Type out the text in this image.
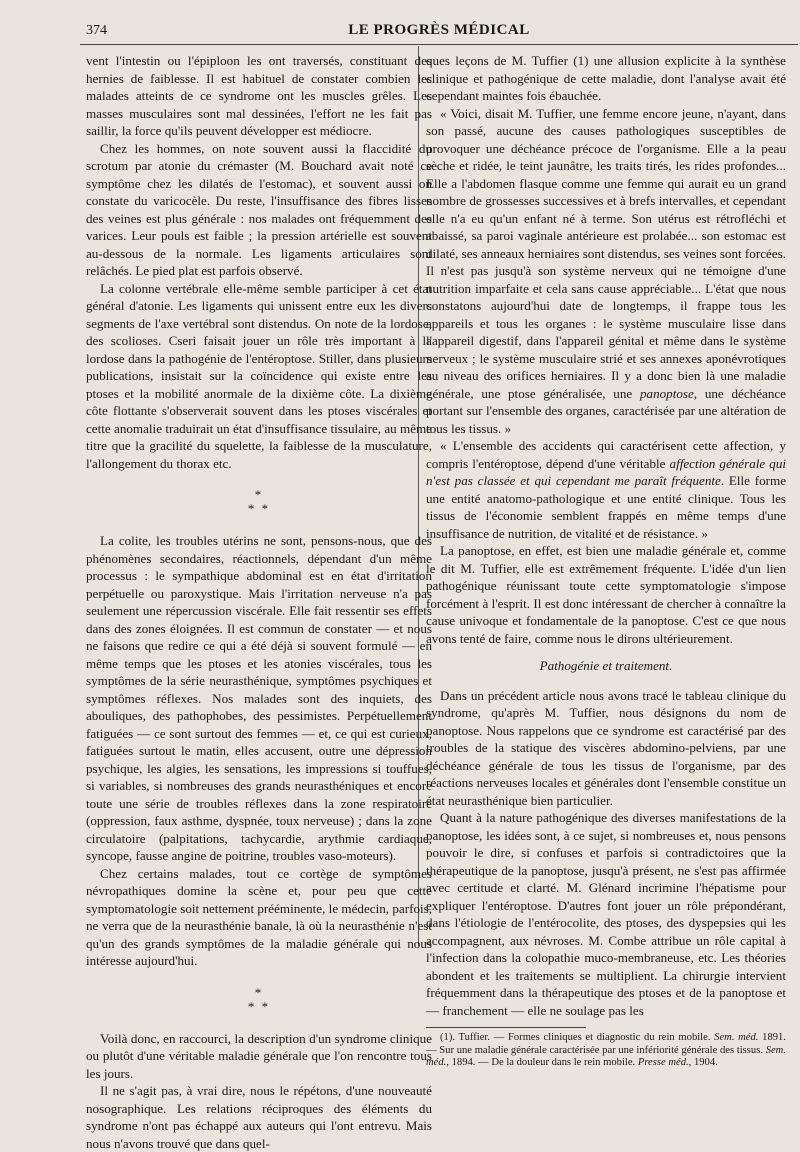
374	LE PROGRÈS MÉDICAL

vent l'intestin ou l'épiploon les ont traversés, constituant des hernies de faiblesse. Il est habituel de constater combien les malades atteints de ce syndrome ont les muscles grêles. Les masses musculaires sont mal dessinées, l'effort ne les fait pas saillir, la force qu'ils peuvent développer est médiocre.

Chez les hommes, on note souvent aussi la flaccidité du scrotum par atonie du crémaster (M. Bouchard avait noté ce symptôme chez les dilatés de l'estomac), et souvent aussi on constate du varicocèle. Du reste, l'insuffisance des fibres lisses des veines est plus générale : nos malades ont fréquemment des varices. Leur pouls est faible ; la pression artérielle est souvent au-dessous de la normale. Les ligaments articulaires sont relâchés. Le pied plat est parfois observé.

La colonne vertébrale elle-même semble participer à cet état général d'atonie. Les ligaments qui unissent entre eux les divers segments de l'axe vertébral sont distendus. On note de la lordose, des scolioses. Cseri faisait jouer un rôle très important à la lordose dans la pathogénie de l'entéroptose. Stiller, dans plusieurs publications, insistait sur la coïncidence qui existe entre les ptoses et la mobilité anormale de la dixième côte. La dixième côte flottante s'observerait souvent dans les ptoses viscérales et cette anomalie traduirait un état d'insuffisance tissulaire, au même titre que la gracilité du squelette, la faiblesse de la musculature, l'allongement du thorax etc.

*
* *

La colite, les troubles utérins ne sont, pensons-nous, que des phénomènes secondaires, réactionnels, dépendant d'un même processus : le sympathique abdominal est en état d'irritation perpétuelle ou paroxystique. Mais l'irritation nerveuse n'a pas seulement une répercussion viscérale. Elle fait ressentir ses effets dans des zones éloignées. Il est commun de constater — et nous ne faisons que redire ce qui a été déjà si souvent formulé — en même temps que les ptoses et les atonies viscérales, tous les symptômes de la série neurasthénique, symptômes psychiques et symptômes réflexes. Nos malades sont des inquiets, des abouliques, des pathophobes, des pessimistes. Perpétuellement fatiguées — ce sont surtout des femmes — et, ce qui est curieux, fatiguées surtout le matin, elles accusent, outre une dépression psychique, les algies, les sensations, les impressions si touffues, si variables, si nombreuses des grands neurasthéniques et encore toute une série de troubles réflexes dans la zone respiratoire (oppression, faux asthme, dyspnée, toux nerveuse) ; dans la zone circulatoire (palpitations, tachycardie, arythmie cardiaque, syncope, fausse angine de poitrine, troubles vaso-moteurs).

Chez certains malades, tout ce cortège de symptômes névropathiques domine la scène et, pour peu que cette symptomatologie soit nettement prééminente, le médecin, parfois, ne verra que de la neurasthénie banale, là où la neurasthénie n'est qu'un des grands symptômes de la maladie générale qui nous intéresse aujourd'hui.

*
* *

Voilà donc, en raccourci, la description d'un syndrome clinique ou plutôt d'une véritable maladie générale que l'on rencontre tous les jours.

Il ne s'agit pas, à vrai dire, nous le répétons, d'une nouveauté nosographique. Les relations réciproques des éléments du syndrome n'ont pas échappé aux auteurs qui l'ont entrevu. Mais nous n'avons trouvé que dans quel-

ques leçons de M. Tuffier (1) une allusion explicite à la synthèse clinique et pathogénique de cette maladie, dont l'analyse avait été cependant maintes fois ébauchée.

« Voici, disait M. Tuffier, une femme encore jeune, n'ayant, dans son passé, aucune des causes pathologiques susceptibles de provoquer une déchéance précoce de l'organisme. Elle a la peau sèche et ridée, le teint jaunâtre, les traits tirés, les rides profondes... Elle a l'abdomen flasque comme une femme qui aurait eu un grand nombre de grossesses successives et à brefs intervalles, et cependant elle n'a eu qu'un enfant né à terme. Son utérus est rétrofléchi et abaissé, sa paroi vaginale antérieure est prolabée... son estomac est dilaté, ses anneaux herniaires sont distendus, ses veines sont forcées. Il n'est pas jusqu'à son système nerveux qui ne témoigne d'une nutrition imparfaite et cela sans cause appréciable... L'état que nous constatons aujourd'hui date de longtemps, il frappe tous les appareils et tous les organes : le système musculaire lisse dans l'appareil digestif, dans l'appareil génital et même dans le système nerveux ; le système musculaire strié et ses annexes aponévrotiques au niveau des orifices herniaires. Il y a donc bien là une maladie générale, une ptose généralisée, une panoptose, une déchéance portant sur l'ensemble des organes, caractérisée par une altération de tous les tissus. »

« L'ensemble des accidents qui caractérisent cette affection, y compris l'entéroptose, dépend d'une véritable affection générale qui n'est pas classée et qui cependant me paraît fréquente. Elle forme une entité anatomo-pathologique et une entité clinique. Tous les tissus de l'économie semblent frappés en même temps d'une insuffisance de nutrition, de vitalité et de résistance. »

La panoptose, en effet, est bien une maladie générale et, comme le dit M. Tuffier, elle est extrêmement fréquente. L'idée d'un lien pathogénique réunissant toute cette symptomatologie s'impose forcément à l'esprit. Il est donc intéressant de chercher à connaître la cause univoque et fondamentale de la panoptose. C'est ce que nous avons tenté de faire, comme nous le dirons ultérieurement.

Pathogénie et traitement.

Dans un précédent article nous avons tracé le tableau clinique du syndrome, qu'après M. Tuffier, nous désignons du nom de panoptose. Nous rappelons que ce syndrome est caractérisé par des troubles de la statique des viscères abdomino-pelviens, par une déchéance générale de tous les tissus de l'organisme, par des réactions nerveuses locales et générales dont l'ensemble constitue un état neurasthénique bien particulier.

Quant à la nature pathogénique des diverses manifestations de la panoptose, les idées sont, à ce sujet, si nombreuses et, nous pensons pouvoir le dire, si confuses et parfois si contradictoires que la thérapeutique de la panoptose, jusqu'à présent, ne s'est pas affirmée avec certitude et clarté. M. Glénard incrimine l'hépatisme pour expliquer l'entéroptose. D'autres font jouer un rôle prépondérant, dans l'étiologie de l'entérocolite, des ptoses, des dyspepsies qui les accompagnent, aux névroses. M. Combe attribue un rôle capital à l'infection dans la colopathie muco-membraneuse, etc. Les théories abondent et les traitements se multiplient. La chirurgie intervient fréquemment dans la thérapeutique des ptoses et de la panoptose et — franchement — elle ne soulage pas les

(1). Tuffier. — Formes cliniques et diagnostic du rein mobile. Sem. méd. 1891. — Sur une maladie générale caractérisée par une infériorité générale des tissus. Sem. méd., 1894. — De la douleur dans le rein mobile. Presse méd., 1904.
